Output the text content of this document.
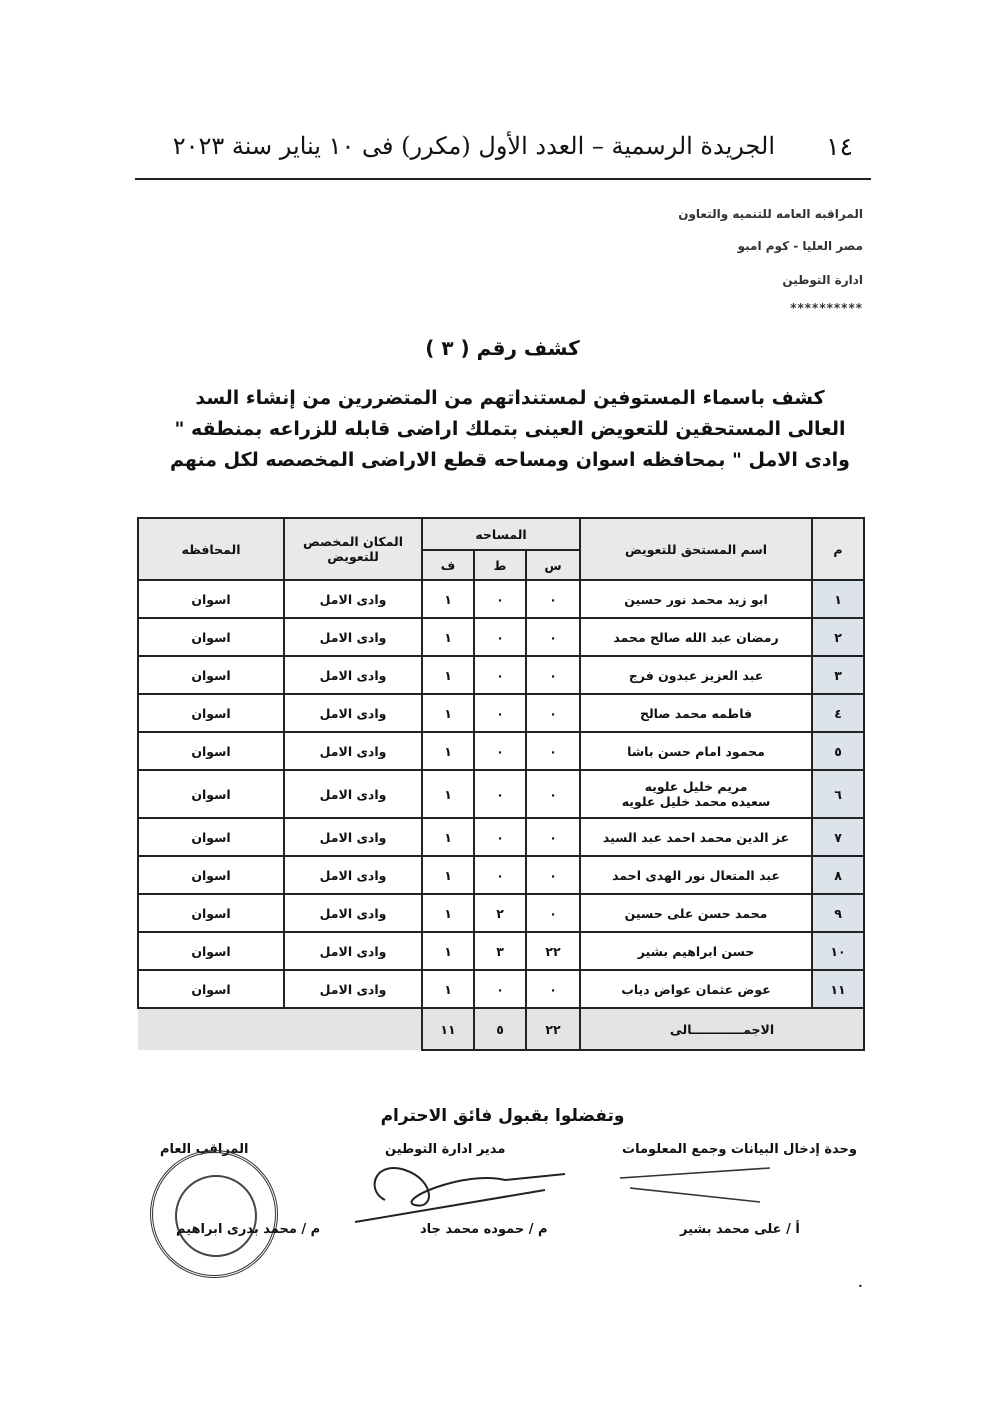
١٤
الجريدة الرسمية – العدد الأول (مكرر) فى ١٠ يناير سنة ٢٠٢٣
المراقبه العامه للتنميه والتعاون
مصر العليا - كوم امبو
ادارة التوطين
**********
كشف رقم ( ٣ )
كشف باسماء المستوفين لمستنداتهم من المتضررين من إنشاء السد العالى المستحقين للتعويض العينى بتملك اراضى قابله للزراعه بمنطقه " وادى الامل " بمحافظه اسوان ومساحه قطع الاراضى المخصصه لكل منهم
م	اسم المستحق للتعويض	المساحه			المكان المخصص للتعويض	المحافظه
		س	ط	ف		
١	ابو زيد محمد نور حسين	٠	٠	١	وادى الامل	اسوان
٢	رمضان عبد الله صالح محمد	٠	٠	١	وادى الامل	اسوان
٣	عبد العزيز عبدون فرج	٠	٠	١	وادى الامل	اسوان
٤	فاطمه محمد صالح	٠	٠	١	وادى الامل	اسوان
٥	محمود امام حسن باشا	٠	٠	١	وادى الامل	اسوان
٦	مريم خليل علويه
سعيده محمد خليل علويه	٠	٠	١	وادى الامل	اسوان
٧	عز الدين محمد احمد عبد السيد	٠	٠	١	وادى الامل	اسوان
٨	عبد المتعال نور الهدى احمد	٠	٠	١	وادى الامل	اسوان
٩	محمد حسن على حسين	٠	٢	١	وادى الامل	اسوان
١٠	حسن ابراهيم بشير	٢٢	٣	١	وادى الامل	اسوان
١١	عوض عثمان عواض دياب	٠	٠	١	وادى الامل	اسوان
الاجمــــــــــــالى		٢٢	٥	١١		
وتفضلوا بقبول فائق الاحترام
وحدة إدخال البيانات وجمع المعلومات
مدير ادارة التوطين
المراقب العام
أ / على محمد بشير
م / حموده محمد جاد
م / محمد بدرى ابراهيم
•
